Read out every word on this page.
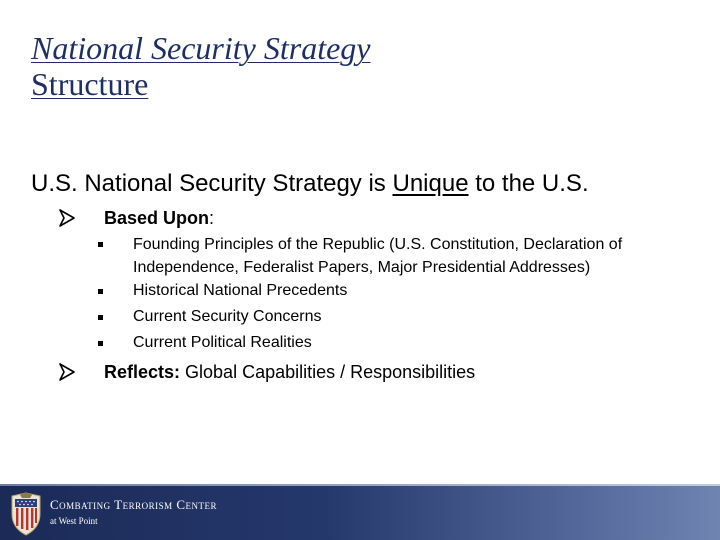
National Security Strategy
Structure
U.S. National Security Strategy is Unique to the U.S.
Based Upon:
Founding Principles of the Republic (U.S. Constitution, Declaration of Independence, Federalist Papers, Major Presidential Addresses)
Historical National Precedents
Current Security Concerns
Current Political Realities
Reflects: Global Capabilities / Responsibilities
Combating Terrorism Center
at West Point
